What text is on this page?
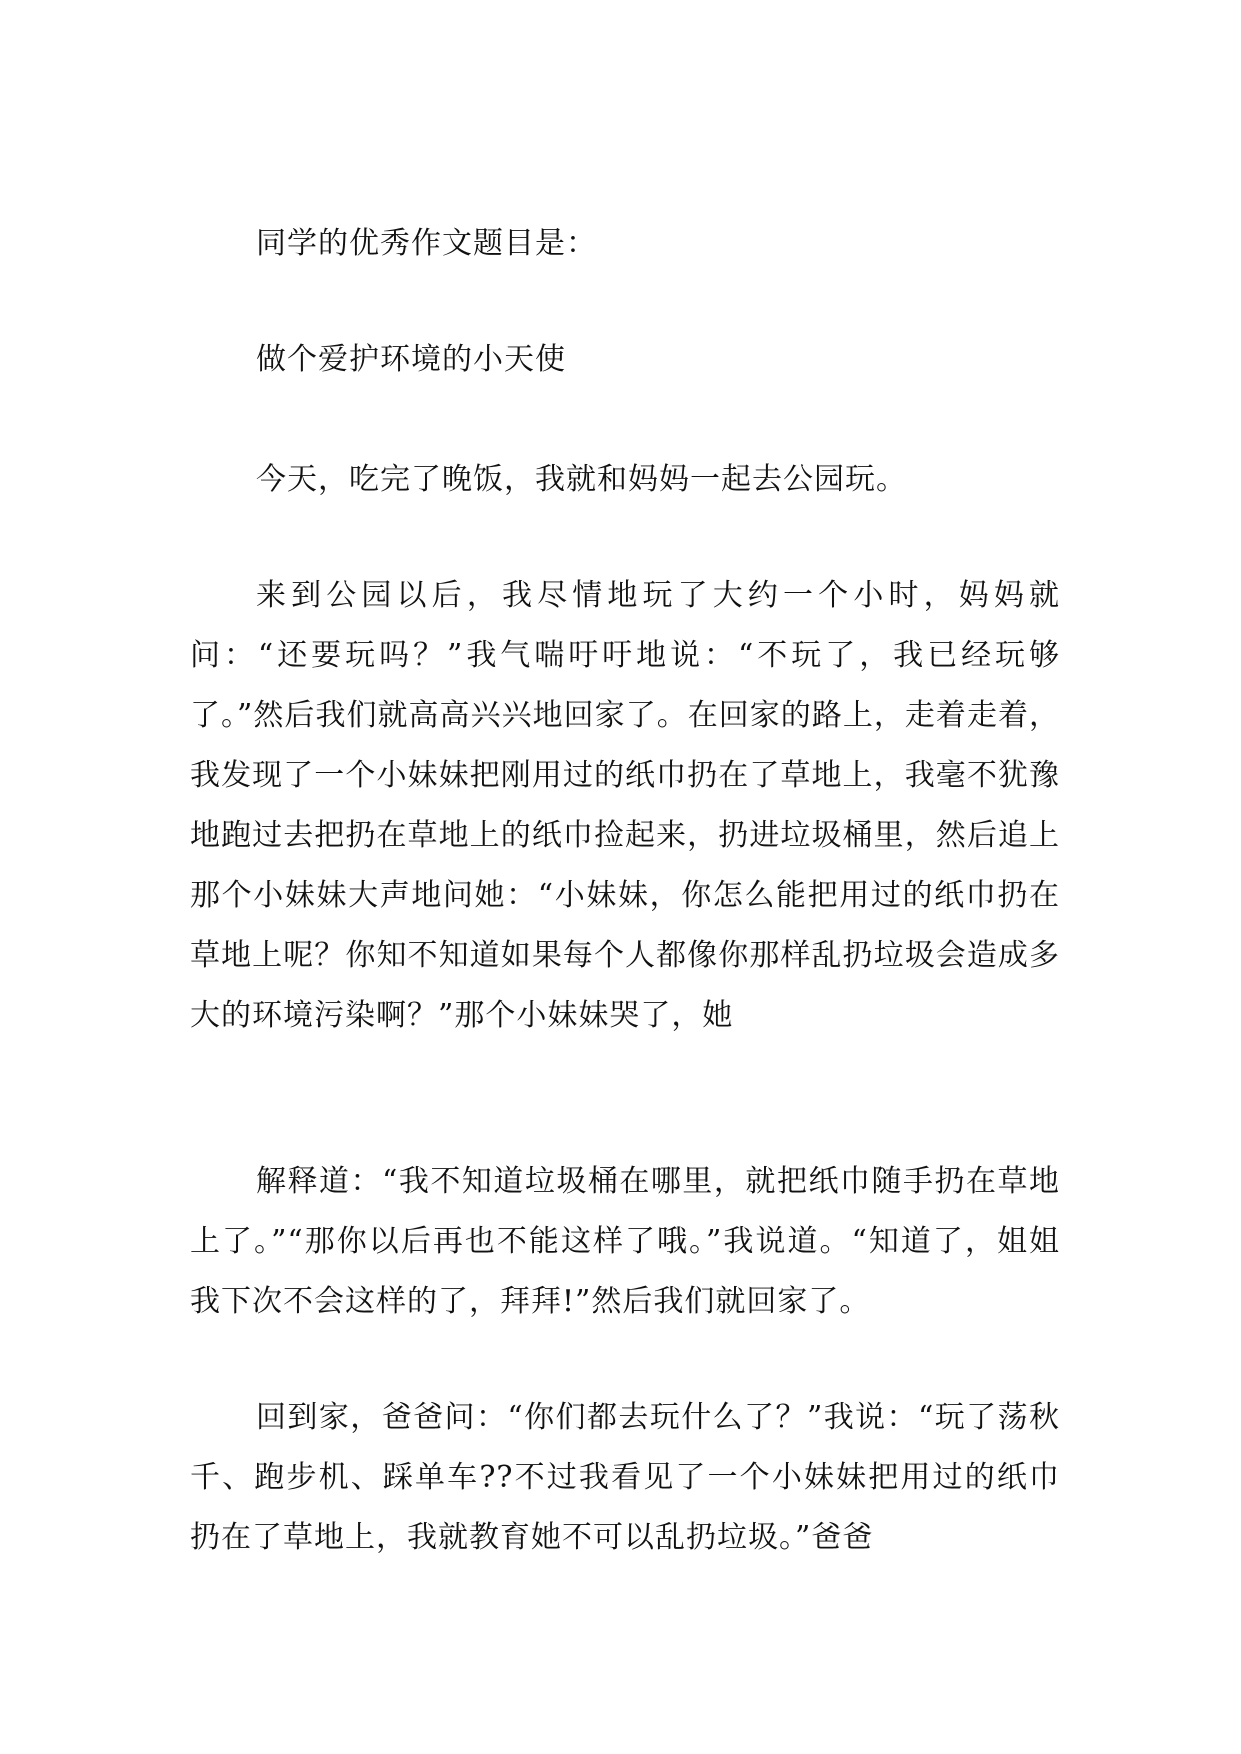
同学的优秀作文题目是：

做个爱护环境的小天使

今天，吃完了晚饭，我就和妈妈一起去公园玩。

来到公园以后，我尽情地玩了大约一个小时，妈妈就问：“还要玩吗？”我气喘吁吁地说：“不玩了，我已经玩够了。”然后我们就高高兴兴地回家了。在回家的路上，走着走着，我发现了一个小妹妹把刚用过的纸巾扔在了草地上，我毫不犹豫地跑过去把扔在草地上的纸巾捡起来，扔进垃圾桶里，然后追上那个小妹妹大声地问她：“小妹妹，你怎么能把用过的纸巾扔在草地上呢？你知不知道如果每个人都像你那样乱扔垃圾会造成多大的环境污染啊？”那个小妹妹哭了，她

解释道：“我不知道垃圾桶在哪里，就把纸巾随手扔在草地上了。”“那你以后再也不能这样了哦。”我说道。“知道了，姐姐我下次不会这样的了，拜拜!”然后我们就回家了。

回到家，爸爸问：“你们都去玩什么了？”我说：“玩了荡秋千、跑步机、踩单车??不过我看见了一个小妹妹把用过的纸巾扔在了草地上，我就教育她不可以乱扔垃圾。”爸爸
